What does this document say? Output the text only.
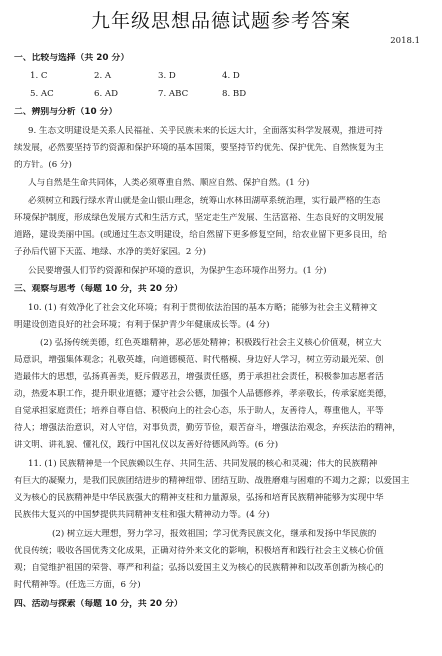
九年级思想品德试题参考答案
2018.1
一、比较与选择（共 20 分）
1. C	2. A	3. D	4. D
5. AC	6. AD	7. ABC	8. BD
二、辨别与分析（10 分）
9. 生态文明建设是关系人民福祉、关乎民族未来的长远大计，全面落实科学发展观，推进可持
续发展，必然要坚持节约资源和保护环境的基本国策，要坚持节约优先、保护优先、自然恢复为主
的方针。(6 分)
人与自然是生命共同体，人类必须尊重自然、顺应自然、保护自然。(1 分)
必须树立和践行绿水青山就是金山银山理念，统筹山水林田湖草系统治理，实行最严格的生态
环境保护制度，形成绿色发展方式和生活方式，坚定走生产发展、生活富裕、生态良好的文明发展
道路，建设美丽中国。(或通过生态文明建设，给自然留下更多修复空间，给农业留下更多良田，给
子孙后代留下天蓝、地绿、水净的美好家园。2 分)
公民要增强人们节约资源和保护环境的意识，为保护生态环境作出努力。(1 分)
三、观察与思考（每题 10 分，共 20 分）
10. (1) 有效净化了社会文化环境；有利于贯彻依法治国的基本方略；能够为社会主义精神文
明建设创造良好的社会环境；有利于保护青少年健康成长等。(4 分)
(2) 弘扬传统美德，红色英雄精神，恶必惩处精神；积极践行社会主义核心价值观，树立大
局意识，增强集体观念；礼敬英雄，向道德模范、时代楷模、身边好人学习，树立劳动最光荣、创
造最伟大的思想，弘扬真善美，贬斥假恶丑，增强责任感，勇于承担社会责任，积极参加志愿者活
动，热爱本职工作，提升职业道德；遵守社会公德，加强个人品德修养，孝亲敬长，传承家庭美德，
自觉承担家庭责任；培养自尊自信、积极向上的社会心态，乐于助人，友善待人，尊重他人，平等
待人；增强法治意识，对人守信，对事负责，勤劳节俭，艰苦奋斗，增强法治观念，弃疾法治的精神，
讲文明、讲礼貌、懂礼仪，践行中国礼仪以友善好待德风尚等。(6 分)
11. (1) 民族精神是一个民族赖以生存、共同生活、共同发展的核心和灵魂；伟大的民族精神
有巨大的凝聚力，是我们民族团结进步的精神纽带、团结互助、战胜磨难与困难的不竭力之源；以爱国主
义为核心的民族精神是中华民族强大的精神支柱和力量源泉，弘扬和培育民族精神能够为实现中华
民族伟大复兴的中国梦提供共同精神支柱和强大精神动力等。(4 分)
(2) 树立远大理想，努力学习，报效祖国；学习优秀民族文化，继承和发扬中华民族的
优良传统；吸收各国优秀文化成果，正确对待外来文化的影响，积极培育和践行社会主义核心价值
观；自觉维护祖国的荣誉、尊严和利益；弘扬以爱国主义为核心的民族精神和以改革创新为核心的
时代精神等。(任选三方面，6 分)
四、活动与探索（每题 10 分，共 20 分）
